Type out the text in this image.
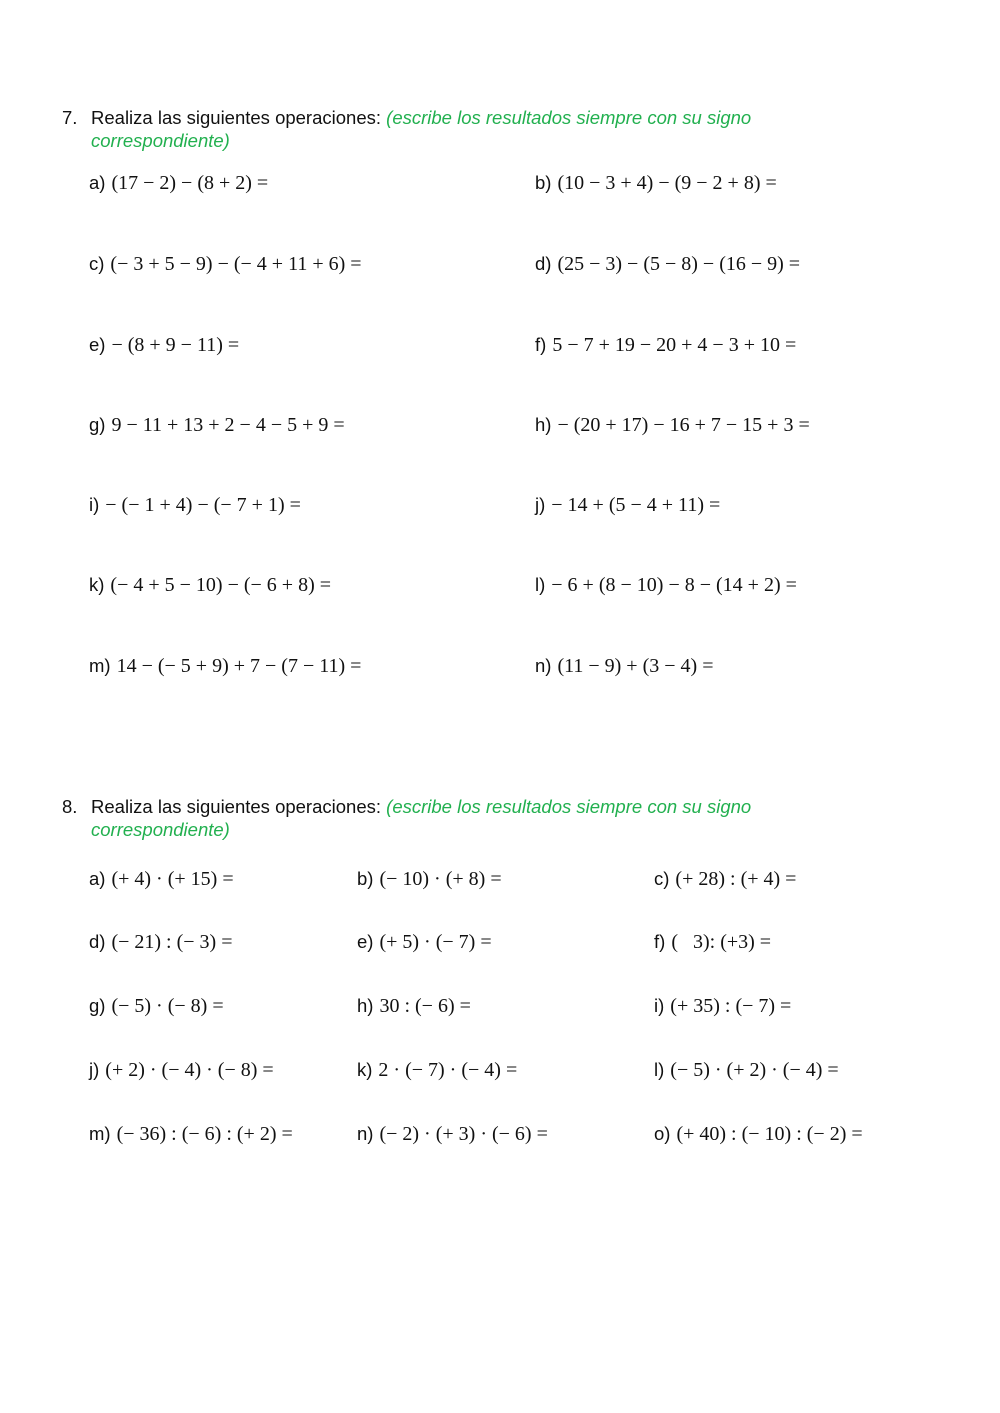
7. Realiza las siguientes operaciones: (escribe los resultados siempre con su signo correspondiente)
a) (17 − 2) − (8 + 2) =	b) (10 − 3 + 4) − (9 − 2 + 8) =
c) (− 3 + 5 − 9) − (− 4 + 11 + 6) =	d) (25 − 3) − (5 − 8) − (16 − 9) =
e) − (8 + 9 − 11) =	f) 5 − 7 + 19 − 20 + 4 − 3 + 10 =
g) 9 − 11 + 13 + 2 − 4 − 5 + 9 =	h) − (20 + 17) − 16 + 7 − 15 + 3 =
i) − (− 1 + 4) − (− 7 + 1) =	j) − 14 + (5 − 4 + 11) =
k) (− 4 + 5 − 10) − (− 6 + 8) =	l) − 6 + (8 − 10) − 8 − (14 + 2) =
m) 14 − (− 5 + 9) + 7 − (7 − 11) =	n) (11 − 9) + (3 − 4) =
8. Realiza las siguientes operaciones: (escribe los resultados siempre con su signo correspondiente)
a) (+ 4) · (+ 15) =	b) (− 10) · (+ 8) =	c) (+ 28) : (+ 4) =
d) (− 21) : (− 3) =	e) (+ 5) · (− 7) =	f) (   3): (+3) =
g) (− 5) · (− 8) =	h) 30 : (− 6) =	i) (+ 35) : (− 7) =
j) (+ 2) · (− 4) · (− 8) =	k) 2 · (− 7) · (− 4) =	l) (− 5) · (+ 2) · (− 4) =
m) (− 36) : (− 6) : (+ 2) =	n) (− 2) · (+ 3) · (− 6) =	o) (+ 40) : (− 10) : (− 2) =
